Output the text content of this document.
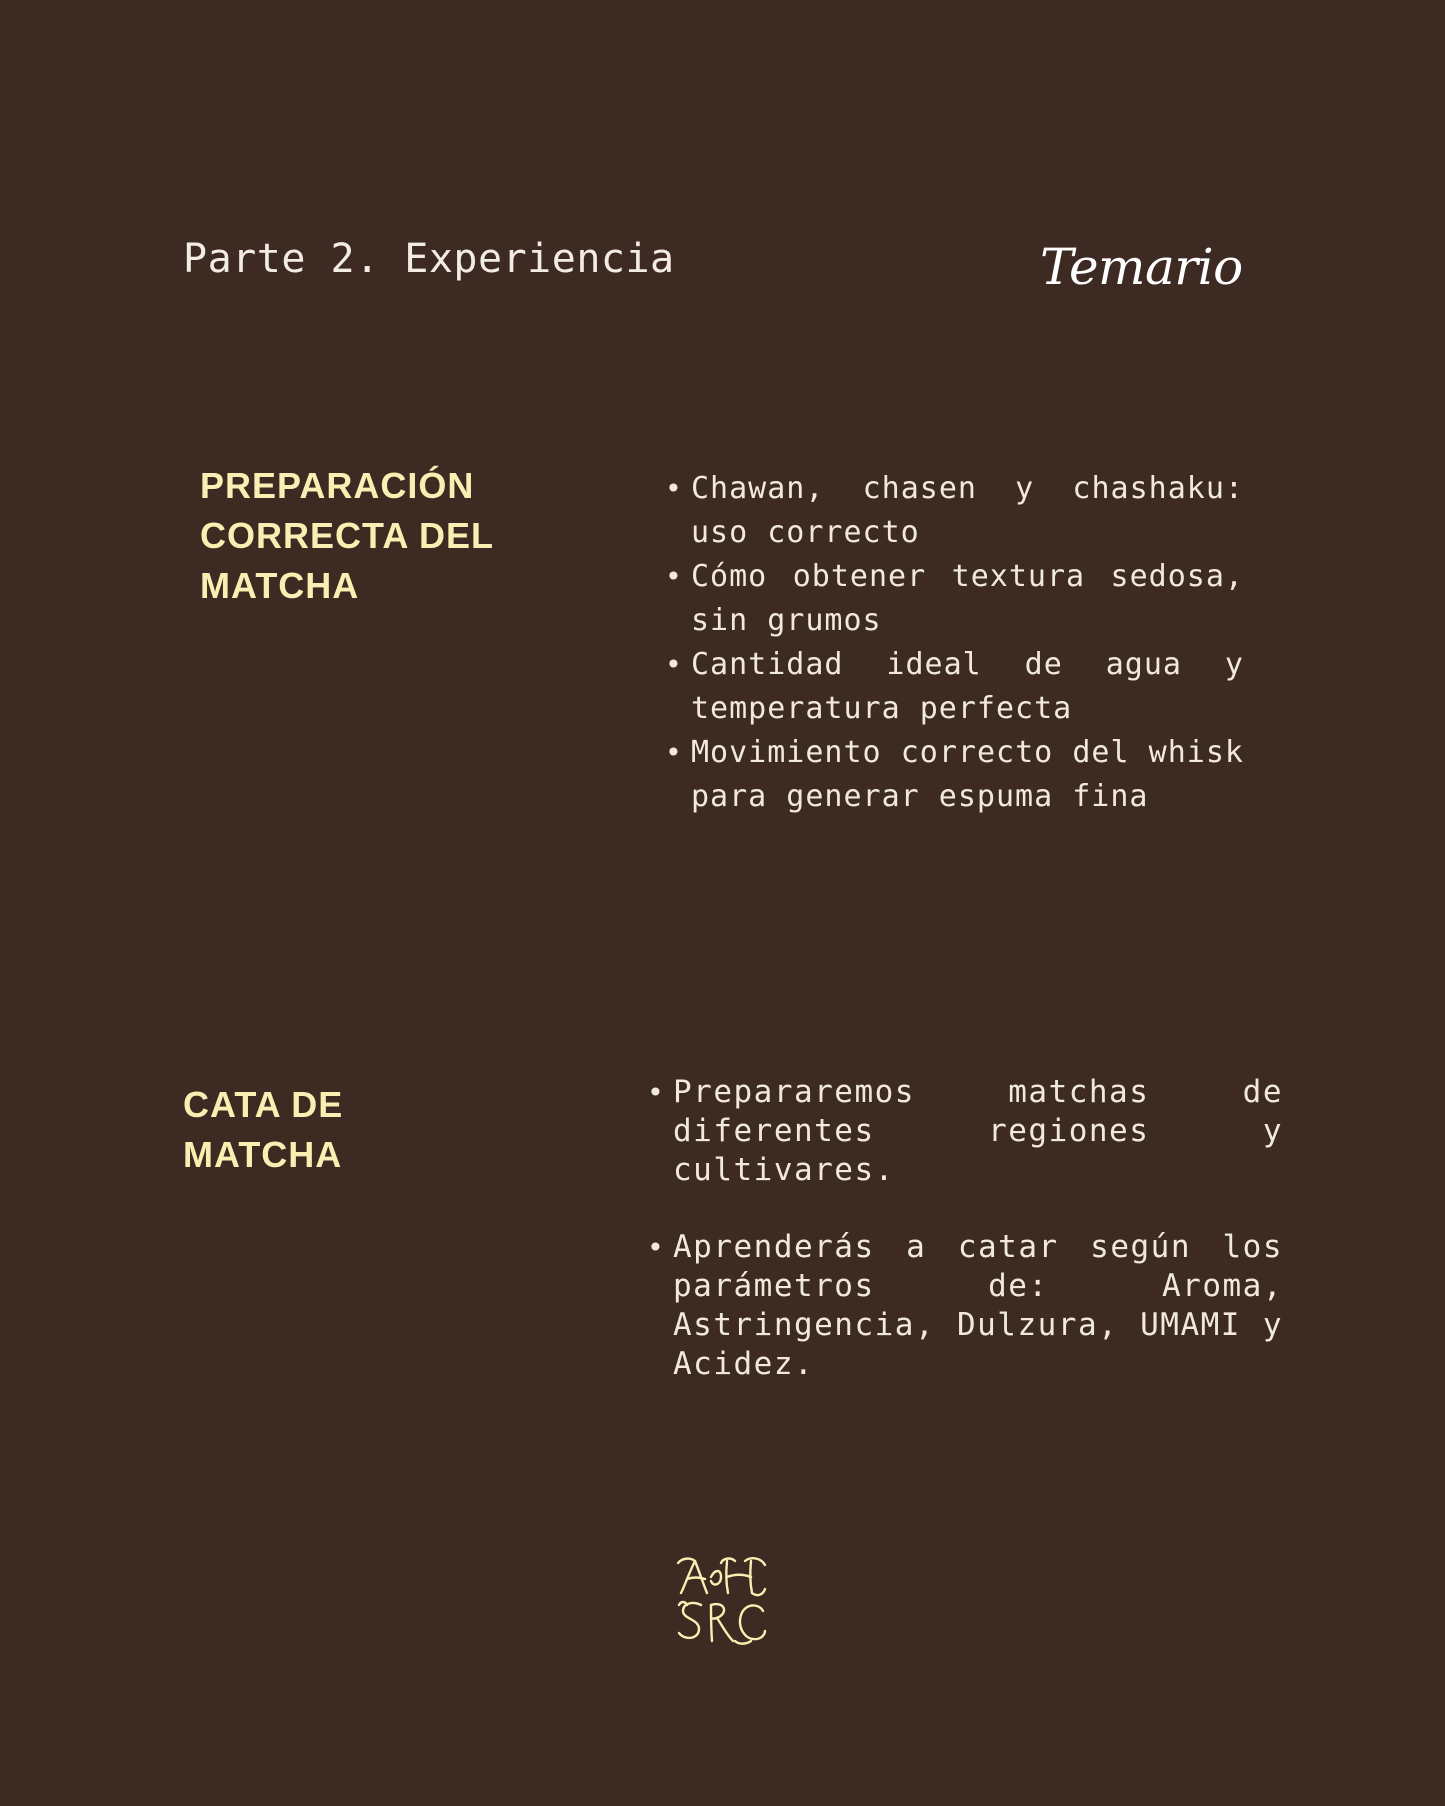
Parte 2. Experiencia	Temario
PREPARACIÓN
CORRECTA DEL
MATCHA
• Chawan, chasen y chashaku: uso correcto
• Cómo obtener textura sedosa, sin grumos
• Cantidad ideal de agua y temperatura perfecta
• Movimiento correcto del whisk para generar espuma fina
CATA DE
MATCHA
• Prepararemos matchas de diferentes regiones y cultivares.
• Aprenderás a catar según los parámetros de: Aroma, Astringencia, Dulzura, UMAMI y Acidez.
